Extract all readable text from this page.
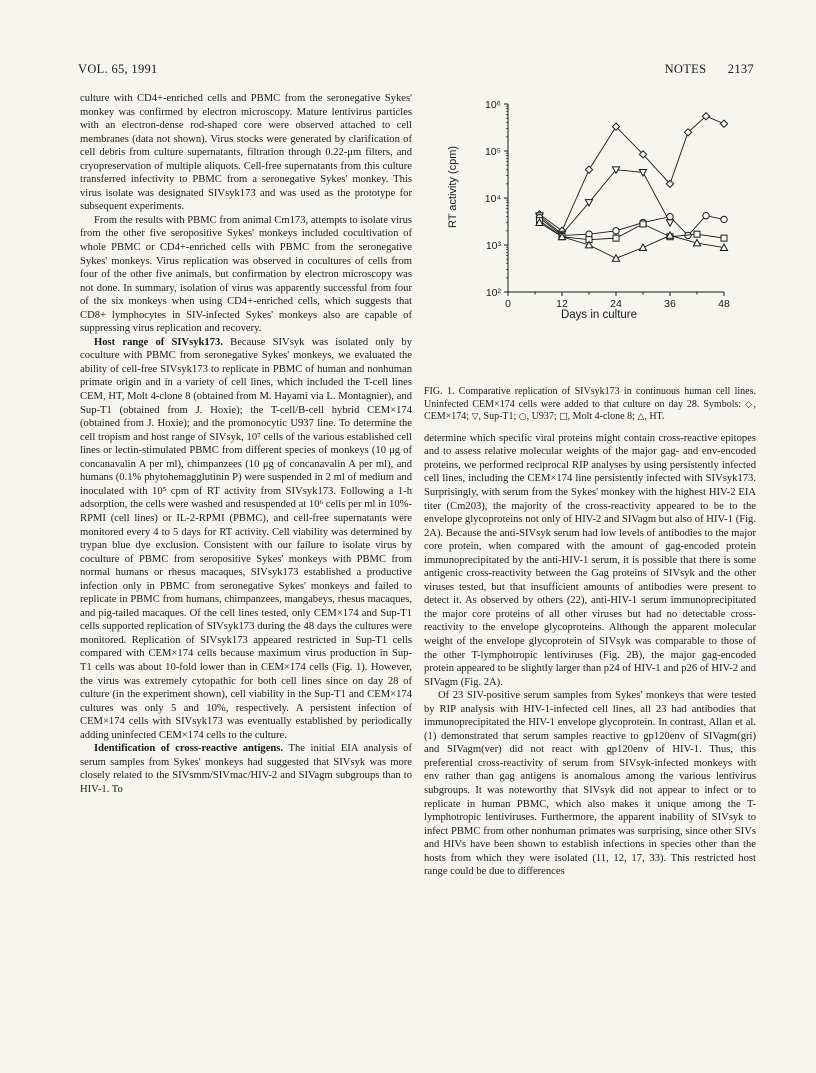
VOL. 65, 1991	NOTES 2137

culture with CD4+-enriched cells and PBMC from the seronegative Sykes' monkey was confirmed by electron microscopy. Mature lentivirus particles with an electron-dense rod-shaped core were observed attached to cell membranes (data not shown). Virus stocks were generated by clarification of cell debris from culture supernatants, filtration through 0.22-μm filters, and cryopreservation of multiple aliquots. Cell-free supernatants from this culture transferred infectivity to PBMC from a seronegative Sykes' monkey. This virus isolate was designated SIVsyk173 and was used as the prototype for subsequent experiments.

From the results with PBMC from animal Cm173, attempts to isolate virus from the other five seropositive Sykes' monkeys included cocultivation of whole PBMC or CD4+-enriched cells with PBMC from the seronegative Sykes' monkeys. Virus replication was observed in cocultures of cells from four of the other five animals, but confirmation by electron microscopy was not done. In summary, isolation of virus was apparently successful from four of the six monkeys when using CD4+-enriched cells, which suggests that CD8+ lymphocytes in SIV-infected Sykes' monkeys also are capable of suppressing virus replication and recovery.

Host range of SIVsyk173. Because SIVsyk was isolated only by coculture with PBMC from seronegative Sykes' monkeys, we evaluated the ability of cell-free SIVsyk173 to replicate in PBMC of human and nonhuman primate origin and in a variety of cell lines, which included the T-cell lines CEM, HT, Molt 4-clone 8 (obtained from M. Hayami via L. Montagnier), and Sup-T1 (obtained from J. Hoxie); the T-cell/B-cell hybrid CEM×174 (obtained from J. Hoxie); and the promonocytic U937 line. To determine the cell tropism and host range of SIVsyk, 10⁷ cells of the various established cell lines or lectin-stimulated PBMC from different species of monkeys (10 μg of concanavalin A per ml), chimpanzees (10 μg of concanavalin A per ml), and humans (0.1% phytohemagglutinin P) were suspended in 2 ml of medium and inoculated with 10⁵ cpm of RT activity from SIVsyk173. Following a 1-h adsorption, the cells were washed and resuspended at 10⁶ cells per ml in 10%-RPMI (cell lines) or IL-2-RPMI (PBMC), and cell-free supernatants were monitored every 4 to 5 days for RT activity. Cell viability was determined by trypan blue dye exclusion. Consistent with our failure to isolate virus by coculture of PBMC from seropositive Sykes' monkeys with PBMC from normal humans or rhesus macaques, SIVsyk173 established a productive infection only in PBMC from seronegative Sykes' monkeys and failed to replicate in PBMC from humans, chimpanzees, mangabeys, rhesus macaques, and pig-tailed macaques. Of the cell lines tested, only CEM×174 and Sup-T1 cells supported replication of SIVsyk173 during the 48 days the cultures were monitored. Replication of SIVsyk173 appeared restricted in Sup-T1 cells compared with CEM×174 cells because maximum virus production in Sup-T1 cells was about 10-fold lower than in CEM×174 cells (Fig. 1). However, the virus was extremely cytopathic for both cell lines since on day 28 of culture (in the experiment shown), cell viability in the Sup-T1 and CEM×174 cultures was only 5 and 10%, respectively. A persistent infection of CEM×174 cells with SIVsyk173 was eventually established by periodically adding uninfected CEM×174 cells to the culture.

Identification of cross-reactive antigens. The initial EIA analysis of serum samples from Sykes' monkeys had suggested that SIVsyk was more closely related to the SIVsmm/SIVmac/HIV-2 and SIVagm subgroups than to HIV-1. To

0	12	24	36	48
10²
10³
10⁴
10⁵
10⁶
RT activity (cpm)
Days in culture
FIG. 1. Comparative replication of SIVsyk173 in continuous human cell lines. Uninfected CEM×174 cells were added to that culture on day 28. Symbols: ◇, CEM×174; ▽, Sup-T1; ○, U937; □, Molt 4-clone 8; △, HT.

determine which specific viral proteins might contain cross-reactive epitopes and to assess relative molecular weights of the major gag- and env-encoded proteins, we performed reciprocal RIP analyses by using persistently infected cell lines, including the CEM×174 line persistently infected with SIVsyk173. Surprisingly, with serum from the Sykes' monkey with the highest HIV-2 EIA titer (Cm203), the majority of the cross-reactivity appeared to be to the envelope glycoproteins not only of HIV-2 and SIVagm but also of HIV-1 (Fig. 2A). Because the anti-SIVsyk serum had low levels of antibodies to the major core protein, when compared with the amount of gag-encoded protein immunoprecipitated by the anti-HIV-1 serum, it is possible that there is some antigenic cross-reactivity between the Gag proteins of SIVsyk and the other viruses tested, but that insufficient amounts of antibodies were present to detect it. As observed by others (22), anti-HIV-1 serum immunoprecipitated the major core proteins of all other viruses but had no detectable cross-reactivity to the envelope glycoproteins. Although the apparent molecular weight of the envelope glycoprotein of SIVsyk was comparable to those of the other T-lymphotropic lentiviruses (Fig. 2B), the major gag-encoded protein appeared to be slightly larger than p24 of HIV-1 and p26 of HIV-2 and SIVagm (Fig. 2A).

Of 23 SIV-positive serum samples from Sykes' monkeys that were tested by RIP analysis with HIV-1-infected cell lines, all 23 had antibodies that immunoprecipitated the HIV-1 envelope glycoprotein. In contrast, Allan et al. (1) demonstrated that serum samples reactive to gp120env of SIVagm(gri) and SIVagm(ver) did not react with gp120env of HIV-1. Thus, this preferential cross-reactivity of serum from SIVsyk-infected monkeys with env rather than gag antigens is anomalous among the various lentivirus subgroups. It was noteworthy that SIVsyk did not appear to infect or to replicate in human PBMC, which also makes it unique among the T-lymphotropic lentiviruses. Furthermore, the apparent inability of SIVsyk to infect PBMC from other nonhuman primates was surprising, since other SIVs and HIVs have been shown to establish infections in species other than the hosts from which they were isolated (11, 12, 17, 33). This restricted host range could be due to differences
